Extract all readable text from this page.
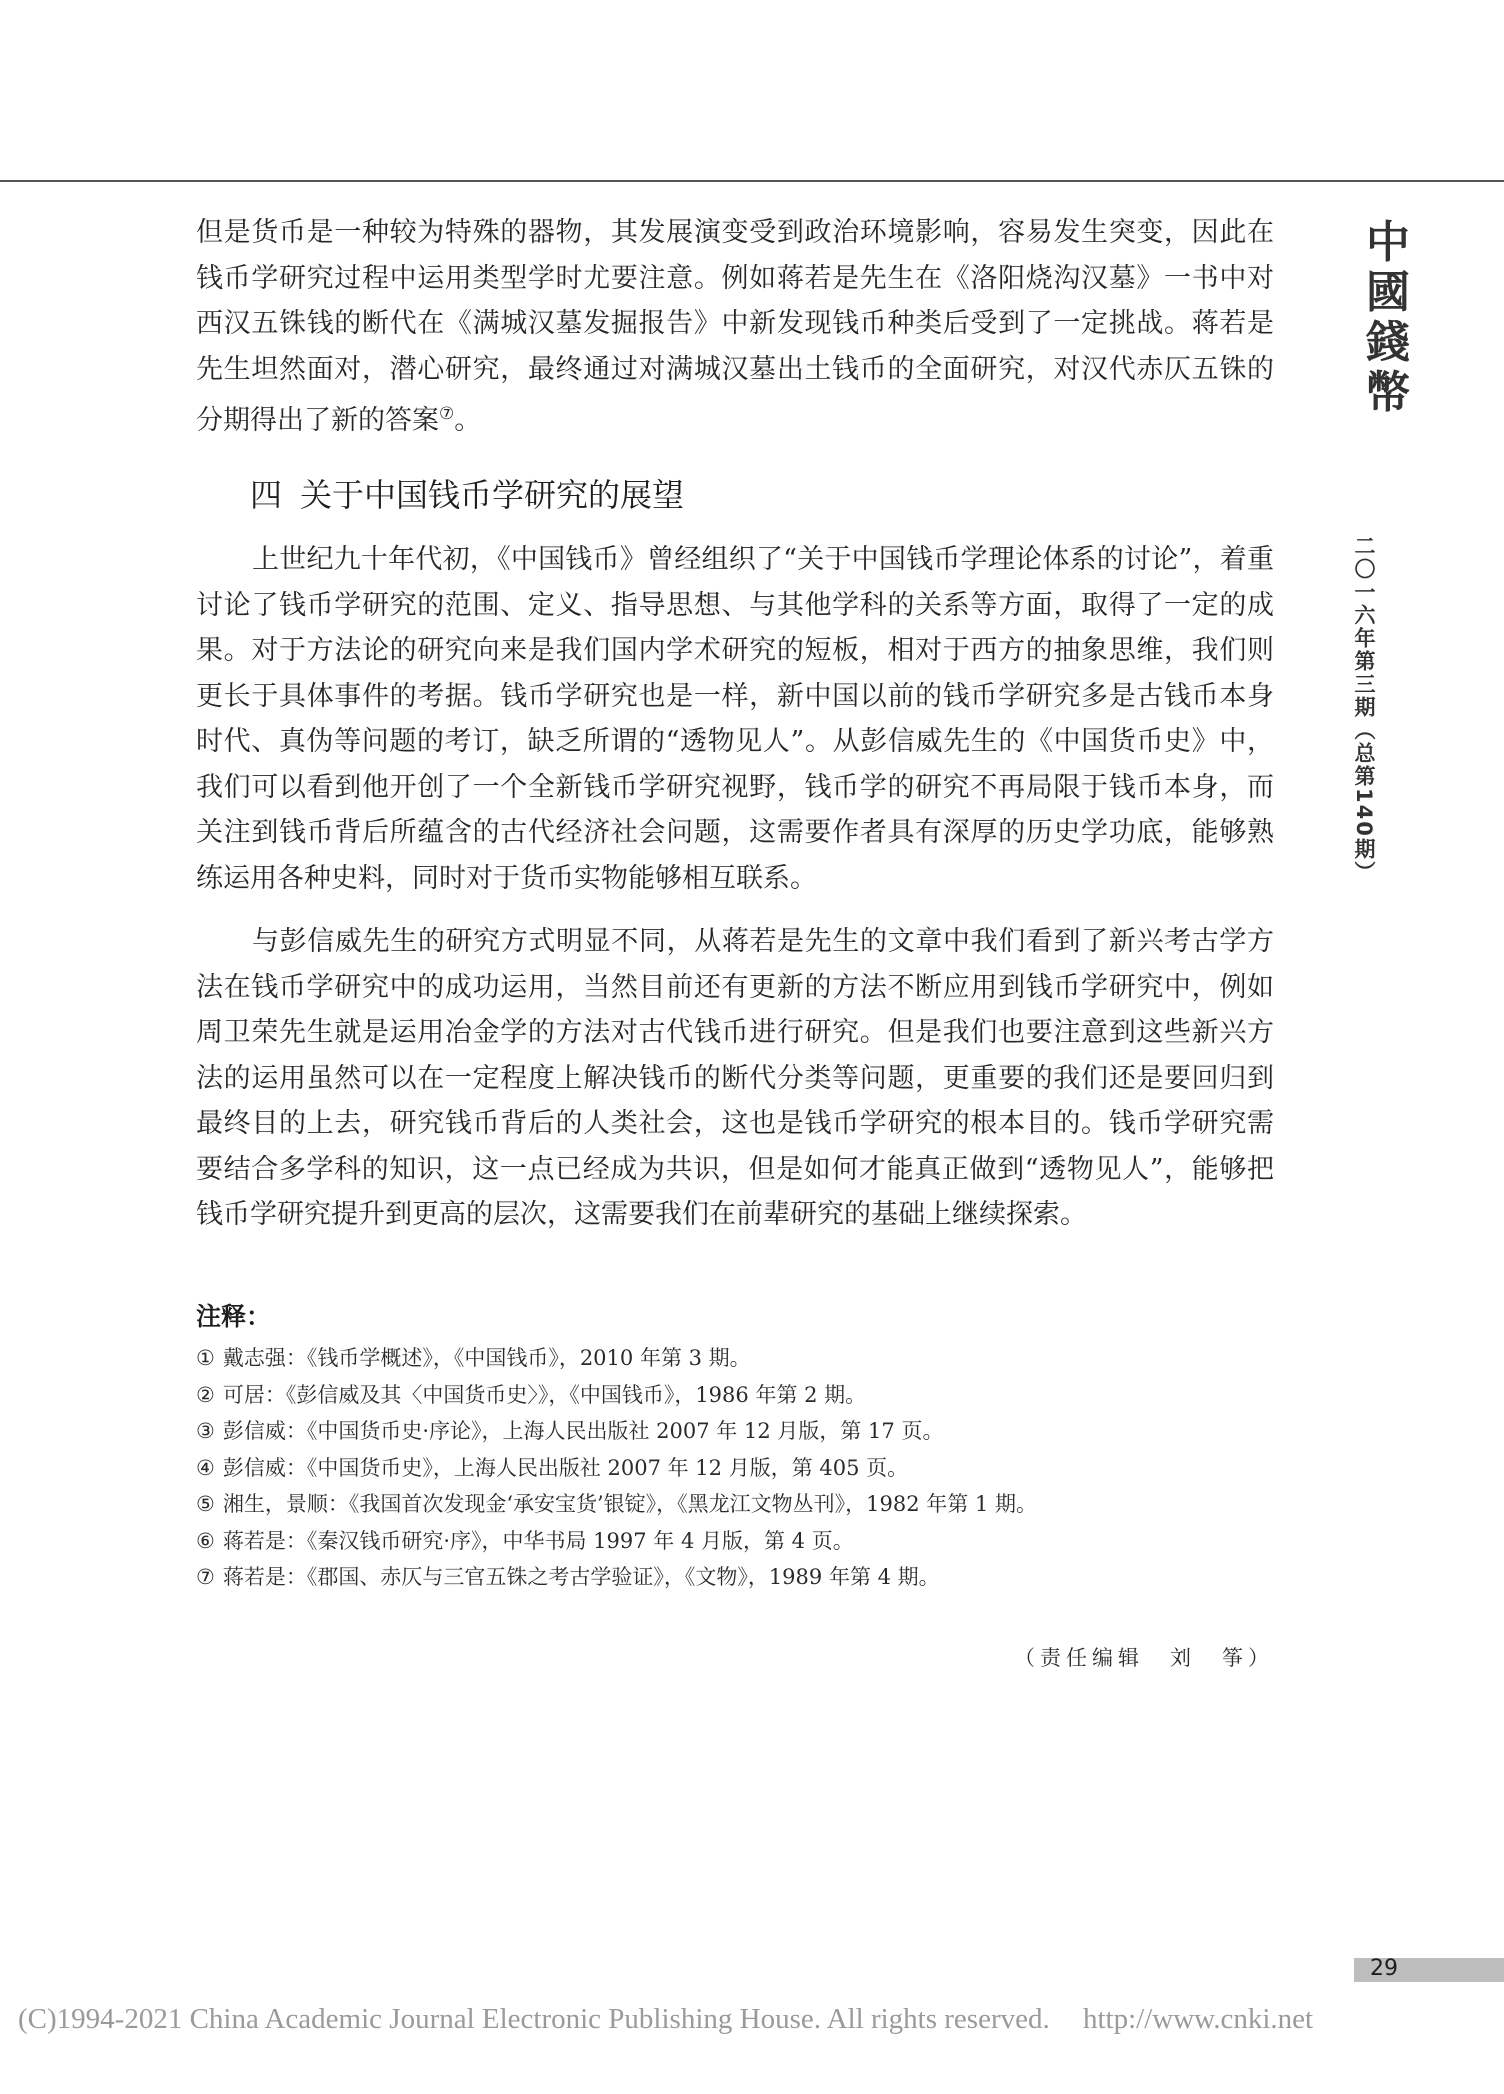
但是货币是一种较为特殊的器物，其发展演变受到政治环境影响，容易发生突变，因此在钱币学研究过程中运用类型学时尤要注意。例如蒋若是先生在《洛阳烧沟汉墓》一书中对西汉五铢钱的断代在《满城汉墓发掘报告》中新发现钱币种类后受到了一定挑战。蒋若是先生坦然面对，潜心研究，最终通过对满城汉墓出土钱币的全面研究，对汉代赤仄五铢的分期得出了新的答案⑦。

四 关于中国钱币学研究的展望

上世纪九十年代初，《中国钱币》曾经组织了“关于中国钱币学理论体系的讨论”，着重讨论了钱币学研究的范围、定义、指导思想、与其他学科的关系等方面，取得了一定的成果。对于方法论的研究向来是我们国内学术研究的短板，相对于西方的抽象思维，我们则更长于具体事件的考据。钱币学研究也是一样，新中国以前的钱币学研究多是古钱币本身时代、真伪等问题的考订，缺乏所谓的“透物见人”。从彭信威先生的《中国货币史》中，我们可以看到他开创了一个全新钱币学研究视野，钱币学的研究不再局限于钱币本身，而关注到钱币背后所蕴含的古代经济社会问题，这需要作者具有深厚的历史学功底，能够熟练运用各种史料，同时对于货币实物能够相互联系。

与彭信威先生的研究方式明显不同，从蒋若是先生的文章中我们看到了新兴考古学方法在钱币学研究中的成功运用，当然目前还有更新的方法不断应用到钱币学研究中，例如周卫荣先生就是运用冶金学的方法对古代钱币进行研究。但是我们也要注意到这些新兴方法的运用虽然可以在一定程度上解决钱币的断代分类等问题，更重要的我们还是要回归到最终目的上去，研究钱币背后的人类社会，这也是钱币学研究的根本目的。钱币学研究需要结合多学科的知识，这一点已经成为共识，但是如何才能真正做到“透物见人”，能够把钱币学研究提升到更高的层次，这需要我们在前辈研究的基础上继续探索。

注释：
① 戴志强：《钱币学概述》，《中国钱币》，2010 年第 3 期。
② 可居：《彭信威及其〈中国货币史〉》，《中国钱币》，1986 年第 2 期。
③ 彭信威：《中国货币史·序论》，上海人民出版社 2007 年 12 月版，第 17 页。
④ 彭信威：《中国货币史》，上海人民出版社 2007 年 12 月版，第 405 页。
⑤ 湘生，景顺：《我国首次发现金‘承安宝货’银锭》，《黑龙江文物丛刊》，1982 年第 1 期。
⑥ 蒋若是：《秦汉钱币研究·序》，中华书局 1997 年 4 月版，第 4 页。
⑦ 蒋若是：《郡国、赤仄与三官五铢之考古学验证》，《文物》，1989 年第 4 期。
（责任编辑　刘　筝）
中
國
錢
幣
二〇一六年第三期（总第140期）
29
(C)1994-2021 China Academic Journal Electronic Publishing House. All rights reserved. http://www.cnki.net
